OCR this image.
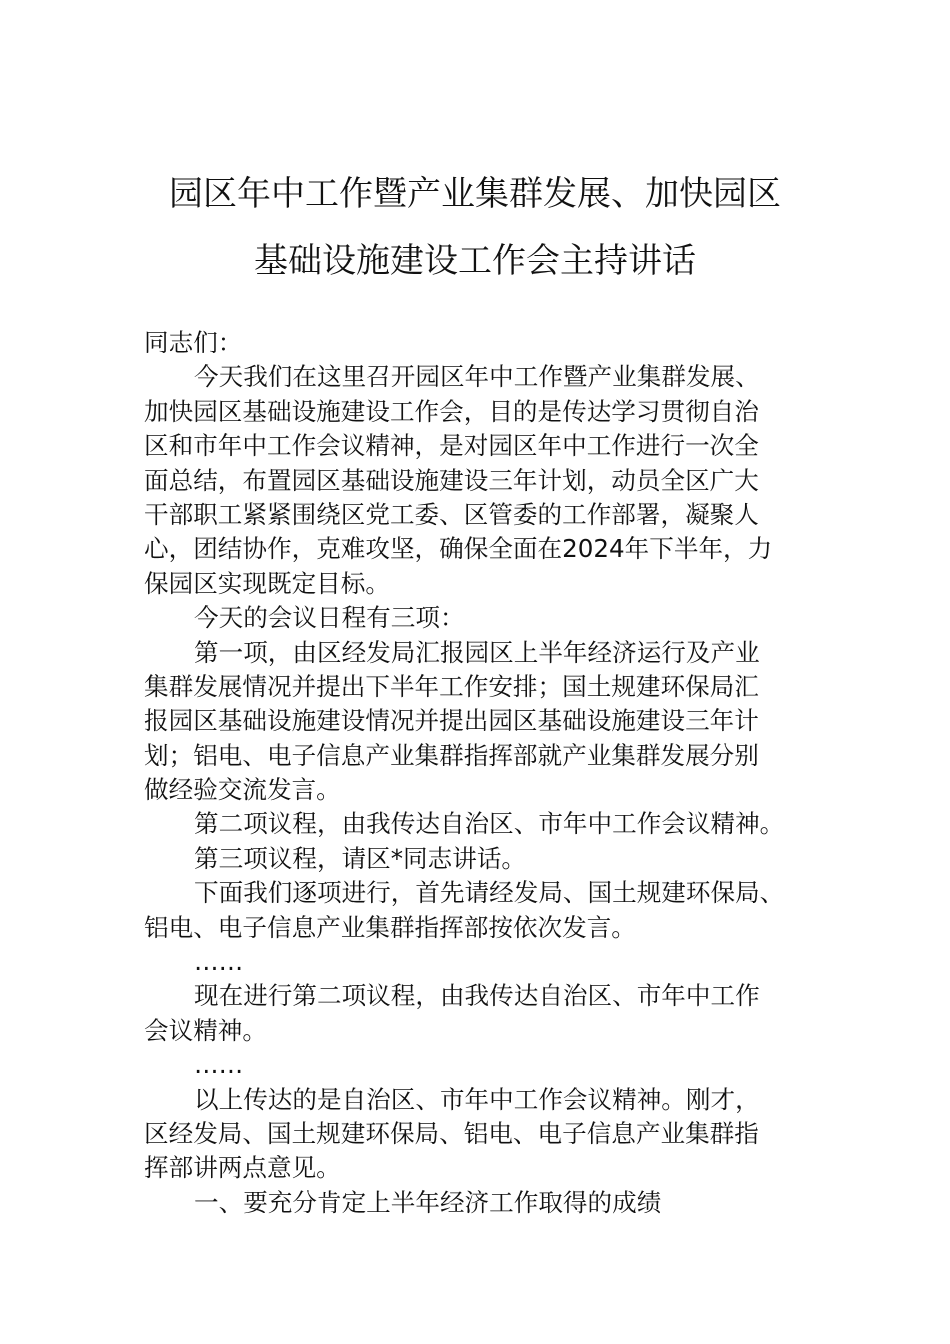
园区年中工作暨产业集群发展、加快园区
基础设施建设工作会主持讲话
同志们：
今天我们在这里召开园区年中工作暨产业集群发展、
加快园区基础设施建设工作会，目的是传达学习贯彻自治
区和市年中工作会议精神，是对园区年中工作进行一次全
面总结，布置园区基础设施建设三年计划，动员全区广大
干部职工紧紧围绕区党工委、区管委的工作部署，凝聚人
心，团结协作，克难攻坚，确保全面在2024年下半年，力
保园区实现既定目标。
今天的会议日程有三项：
第一项，由区经发局汇报园区上半年经济运行及产业
集群发展情况并提出下半年工作安排；国土规建环保局汇
报园区基础设施建设情况并提出园区基础设施建设三年计
划；铝电、电子信息产业集群指挥部就产业集群发展分别
做经验交流发言。
第二项议程，由我传达自治区、市年中工作会议精神。
第三项议程，请区*同志讲话。
下面我们逐项进行，首先请经发局、国土规建环保局、
铝电、电子信息产业集群指挥部按依次发言。
……
现在进行第二项议程，由我传达自治区、市年中工作
会议精神。
……
以上传达的是自治区、市年中工作会议精神。刚才，
区经发局、国土规建环保局、铝电、电子信息产业集群指
挥部讲两点意见。
一、要充分肯定上半年经济工作取得的成绩
